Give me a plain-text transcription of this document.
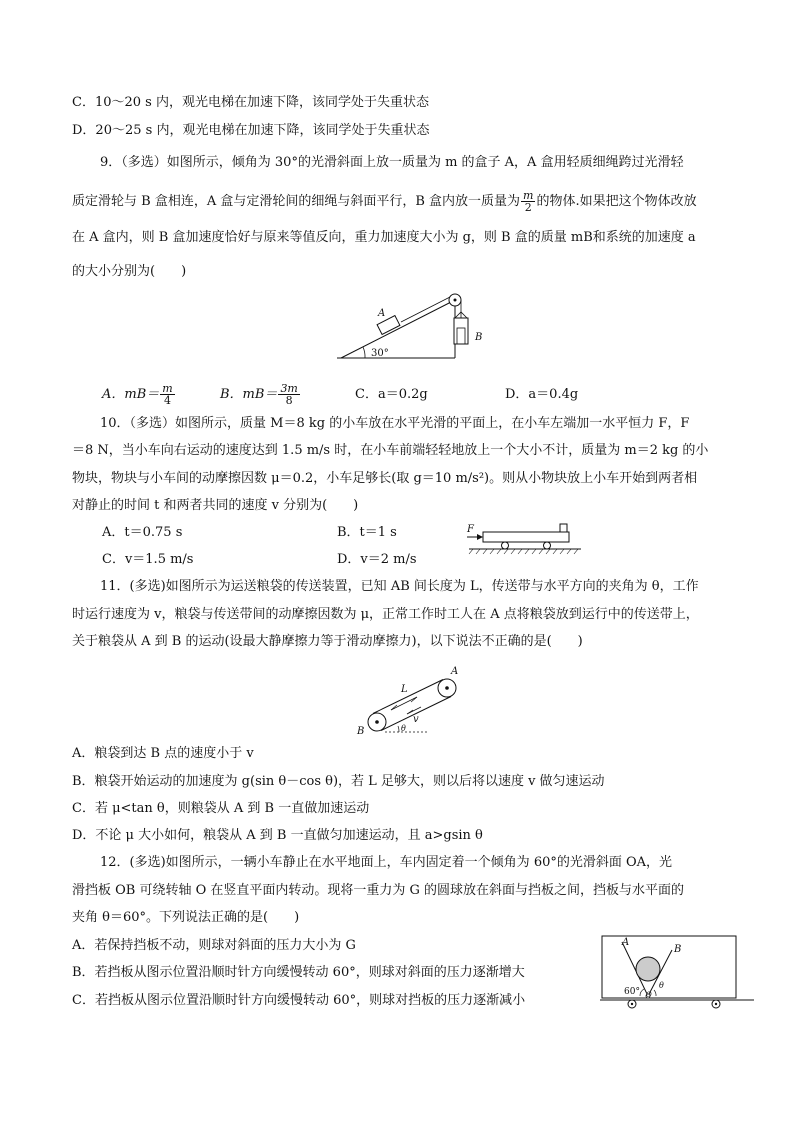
C．10～20 s 内，观光电梯在加速下降，该同学处于失重状态
D．20～25 s 内，观光电梯在加速下降，该同学处于失重状态
9．（多选）如图所示，倾角为 30°的光滑斜面上放一质量为 m 的盒子 A，A 盒用轻质细绳跨过光滑轻
质定滑轮与 B 盒相连，A 盒与定滑轮间的细绳与斜面平行，B 盒内放一质量为 $\frac{m}{2}$ 的物体.如果把这个物体改放
在 A 盒内，则 B 盒加速度恰好与原来等值反向，重力加速度大小为 g，则 B 盒的质量 mB和系统的加速度 a
的大小分别为(　　)
A
B
30°
A．$mB= \frac{m}{4}$	B．$mB= \frac{3m}{8}$	C．a＝0.2g	D．a＝0.4g
10．（多选）如图所示，质量 M＝8 kg 的小车放在水平光滑的平面上，在小车左端加一水平恒力 F，F
＝8 N，当小车向右运动的速度达到 1.5 m/s 时，在小车前端轻轻地放上一个大小不计，质量为 m＝2 kg 的小
物块，物块与小车间的动摩擦因数 μ＝0.2，小车足够长(取 g＝10 m/s²)。则从小物块放上小车开始到两者相
对静止的时间 t 和两者共同的速度 v 分别为(　　)
A．t＝0.75 s	B．t＝1 s
C．v＝1.5 m/s	D．v＝2 m/s
F
11．(多选)如图所示为运送粮袋的传送装置，已知 AB 间长度为 L，传送带与水平方向的夹角为 θ，工作
时运行速度为 v，粮袋与传送带间的动摩擦因数为 μ，正常工作时工人在 A 点将粮袋放到运行中的传送带上，
关于粮袋从 A 到 B 的运动(设最大静摩擦力等于滑动摩擦力)，以下说法不正确的是(　　)
A
B
L
v
θ
A．粮袋到达 B 点的速度小于 v
B．粮袋开始运动的加速度为 g(sin θ－cos θ)，若 L 足够大，则以后将以速度 v 做匀速运动
C．若 μ<tan θ，则粮袋从 A 到 B 一直做加速运动
D．不论 μ 大小如何，粮袋从 A 到 B 一直做匀加速运动，且 a>gsin θ
12．(多选)如图所示，一辆小车静止在水平地面上，车内固定着一个倾角为 60°的光滑斜面 OA，光
滑挡板 OB 可绕转轴 O 在竖直平面内转动。现将一重力为 G 的圆球放在斜面与挡板之间，挡板与水平面的
夹角 θ＝60°。下列说法正确的是(　　)
A．若保持挡板不动，则球对斜面的压力大小为 G
B．若挡板从图示位置沿顺时针方向缓慢转动 60°，则球对斜面的压力逐渐增大
C．若挡板从图示位置沿顺时针方向缓慢转动 60°，则球对挡板的压力逐渐减小
A
B
O
θ
60°
